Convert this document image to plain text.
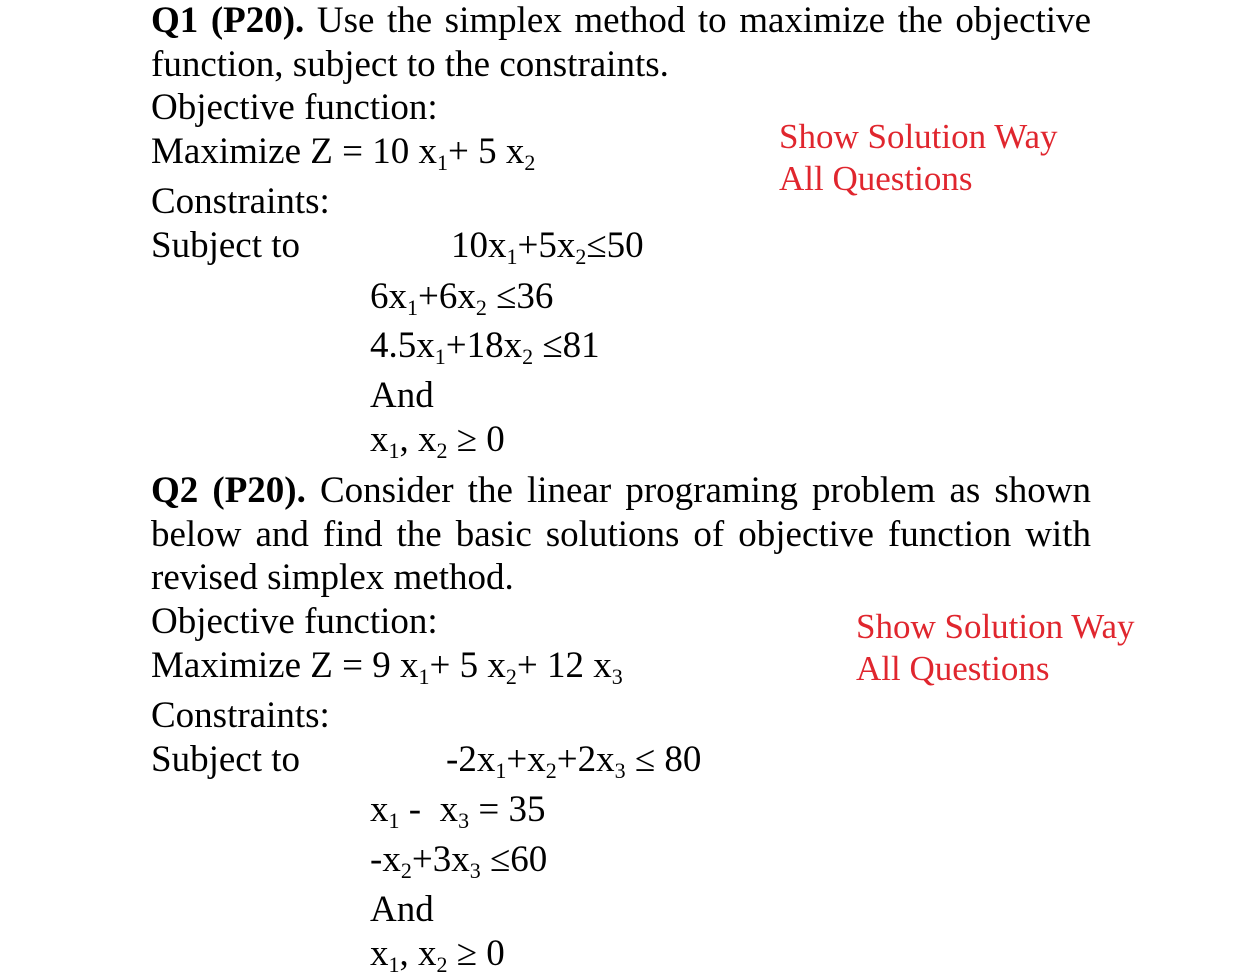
Q1 (P20). Use the simplex method to maximize the objective
function, subject to the constraints.
Objective function:
Maximize Z = 10 $x_1+ 5$ $x_2$
Constraints:
Subject to	$10x_1+5x_2\le 50$
$6x_1+6x_2 \le 36$
$4.5x_1+18x_2 \le 81$
And
$x_1$, $x_2 \ge 0$
Show Solution Way
All Questions
Q2 (P20). Consider the linear programing problem as shown
below and find the basic solutions of objective function with
revised simplex method.
Objective function:
Maximize Z = 9 $x_1+ 5$ $x_2+ 12$ $x_3$
Constraints:
Subject to	$-2x_1+x_2+2x_3 \le 80$
$x_1 - x_3 = 35$
$-x_2+3x_3 \le 60$
And
$x_1$, $x_2 \ge 0$
Show Solution Way
All Questions
